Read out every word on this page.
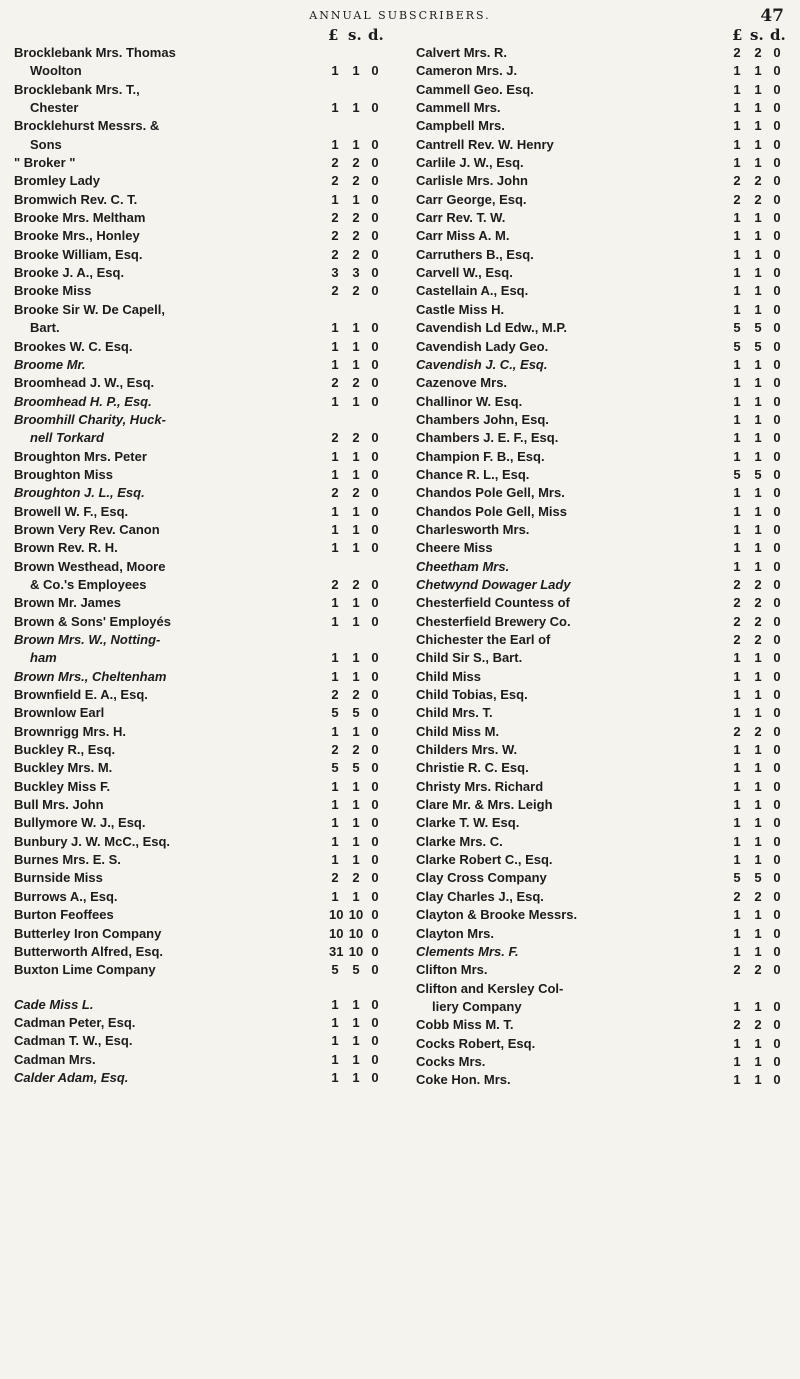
ANNUAL SUBSCRIBERS.	47
£ s. d.
Brocklebank Mrs. Thomas
Woolton	1	1 0
Brocklebank Mrs. T.,
Chester	1	1 0
Brocklehurst Messrs. &
Sons	1	1 0
" Broker "	2	2 0
Bromley Lady	2	2 0
Bromwich Rev. C. T.	1	1 0
Brooke Mrs. Meltham	2	2 0
Brooke Mrs., Honley	2	2 0
Brooke William, Esq.	2	2 0
Brooke J. A., Esq.	3	3 0
Brooke Miss	2	2 0
Brooke Sir W. De Capell,
Bart.	1	1 0
Brookes W. C. Esq.	1	1 0
Broome Mr.	1	1 0
Broomhead J. W., Esq.	2	2 0
Broomhead H. P., Esq.	1	1 0
Broomhill Charity, Huck-
nell Torkard	2	2 0
Broughton Mrs. Peter	1	1 0
Broughton Miss	1	1 0
Broughton J. L., Esq.	2	2 0
Browell W. F., Esq.	1	1 0
Brown Very Rev. Canon	1	1 0
Brown Rev. R. H.	1	1 0
Brown Westhead, Moore
& Co.'s Employees	2	2 0
Brown Mr. James	1	1 0
Brown & Sons' Employés	1	1 0
Brown Mrs. W., Notting-
ham	1	1 0
Brown Mrs., Cheltenham	1	1 0
Brownfield E. A., Esq.	2	2 0
Brownlow Earl	5	5 0
Brownrigg Mrs. H.	1	1 0
Buckley R., Esq.	2	2 0
Buckley Mrs. M.	5	5 0
Buckley Miss F.	1	1 0
Bull Mrs. John	1	1 0
Bullymore W. J., Esq.	1	1 0
Bunbury J. W. McC., Esq.	1	1 0
Burnes Mrs. E. S.	1	1 0
Burnside Miss	2	2 0
Burrows A., Esq.	1	1 0
Burton Feoffees	10 10 0
Butterley Iron Company	10 10 0
Butterworth Alfred, Esq.	31 10 0
Buxton Lime Company	5	5 0
Cade Miss L.	1	1 0
Cadman Peter, Esq.	1	1 0
Cadman T. W., Esq.	1	1 0
Cadman Mrs.	1	1 0
Calder Adam, Esq.	1	1 0
£ s. d.
Calvert Mrs. R.	2	2 0
Cameron Mrs. J.	1	1 0
Cammell Geo. Esq.	1	1 0
Cammell Mrs.	1	1 0
Campbell Mrs.	1	1 0
Cantrell Rev. W. Henry	1	1 0
Carlile J. W., Esq.	1	1 0
Carlisle Mrs. John	2	2 0
Carr George, Esq.	2	2 0
Carr Rev. T. W.	1	1 0
Carr Miss A. M.	1	1 0
Carruthers B., Esq.	1	1 0
Carvell W., Esq.	1	1 0
Castellain A., Esq.	1	1 0
Castle Miss H.	1	1 0
Cavendish Ld Edw., M.P.	5	5 0
Cavendish Lady Geo.	5	5 0
Cavendish J. C., Esq.	1	1 0
Cazenove Mrs.	1	1 0
Challinor W. Esq.	1	1 0
Chambers John, Esq.	1	1 0
Chambers J. E. F., Esq.	1	1 0
Champion F. B., Esq.	1	1 0
Chance R. L., Esq.	5	5 0
Chandos Pole Gell, Mrs.	1	1 0
Chandos Pole Gell, Miss	1	1 0
Charlesworth Mrs.	1	1 0
Cheere Miss	1	1 0
Cheetham Mrs.	1	1 0
Chetwynd Dowager Lady	2	2 0
Chesterfield Countess of	2	2 0
Chesterfield Brewery Co.	2	2 0
Chichester the Earl of	2	2 0
Child Sir S., Bart.	1	1 0
Child Miss	1	1 0
Child Tobias, Esq.	1	1 0
Child Mrs. T.	1	1 0
Child Miss M.	2	2 0
Childers Mrs. W.	1	1 0
Christie R. C. Esq.	1	1 0
Christy Mrs. Richard	1	1 0
Clare Mr. & Mrs. Leigh	1	1 0
Clarke T. W. Esq.	1	1 0
Clarke Mrs. C.	1	1 0
Clarke Robert C., Esq.	1	1 0
Clay Cross Company	5	5 0
Clay Charles J., Esq.	2	2 0
Clayton & Brooke Messrs.	1	1 0
Clayton Mrs.	1	1 0
Clements Mrs. F.	1	1 0
Clifton Mrs.	2	2 0
Clifton and Kersley Col-
liery Company	1	1 0
Cobb Miss M. T.	2	2 0
Cocks Robert, Esq.	1	1 0
Cocks Mrs.	1	1 0
Coke Hon. Mrs.	1	1 0
